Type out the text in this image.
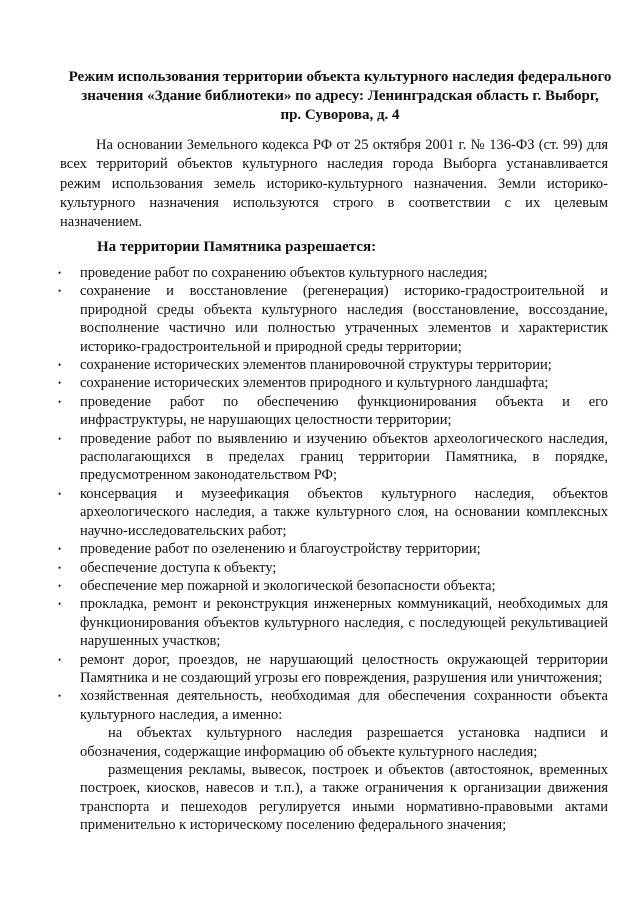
Режим использования территории объекта культурного наследия федерального
значения «Здание библиотеки» по адресу: Ленинградская область г. Выборг,
пр. Суворова, д. 4

На основании Земельного кодекса РФ от 25 октября 2001 г. № 136-ФЗ (ст. 99) для всех территорий объектов культурного наследия города Выборга устанавливается режим использования земель историко-культурного назначения. Земли историко-культурного назначения используются строго в соответствии с их целевым назначением.

На территории Памятника разрешается:

• проведение работ по сохранению объектов культурного наследия;
• сохранение и восстановление (регенерация) историко-градостроительной и природной среды объекта культурного наследия (восстановление, воссоздание, восполнение частично или полностью утраченных элементов и характеристик историко-градостроительной и природной среды территории;
• сохранение исторических элементов планировочной структуры территории;
• сохранение исторических элементов природного и культурного ландшафта;
• проведение работ по обеспечению функционирования объекта и его инфраструктуры, не нарушающих целостности территории;
• проведение работ по выявлению и изучению объектов археологического наследия, располагающихся в пределах границ территории Памятника, в порядке, предусмотренном законодательством РФ;
• консервация и музеефикация объектов культурного наследия, объектов археологического наследия, а также культурного слоя, на основании комплексных научно-исследовательских работ;
• проведение работ по озеленению и благоустройству территории;
• обеспечение доступа к объекту;
• обеспечение мер пожарной и экологической безопасности объекта;
• прокладка, ремонт и реконструкция инженерных коммуникаций, необходимых для функционирования объектов культурного наследия, с последующей рекультивацией нарушенных участков;
• ремонт дорог, проездов, не нарушающий целостность окружающей территории Памятника и не создающий угрозы его повреждения, разрушения или уничтожения;
• хозяйственная деятельность, необходимая для обеспечения сохранности объекта культурного наследия, а именно:
на объектах культурного наследия разрешается установка надписи и обозначения, содержащие информацию об объекте культурного наследия;
размещения рекламы, вывесок, построек и объектов (автостоянок, временных построек, киосков, навесов и т.п.), а также ограничения к организации движения транспорта и пешеходов регулируется иными нормативно-правовыми актами применительно к историческому поселению федерального значения;
